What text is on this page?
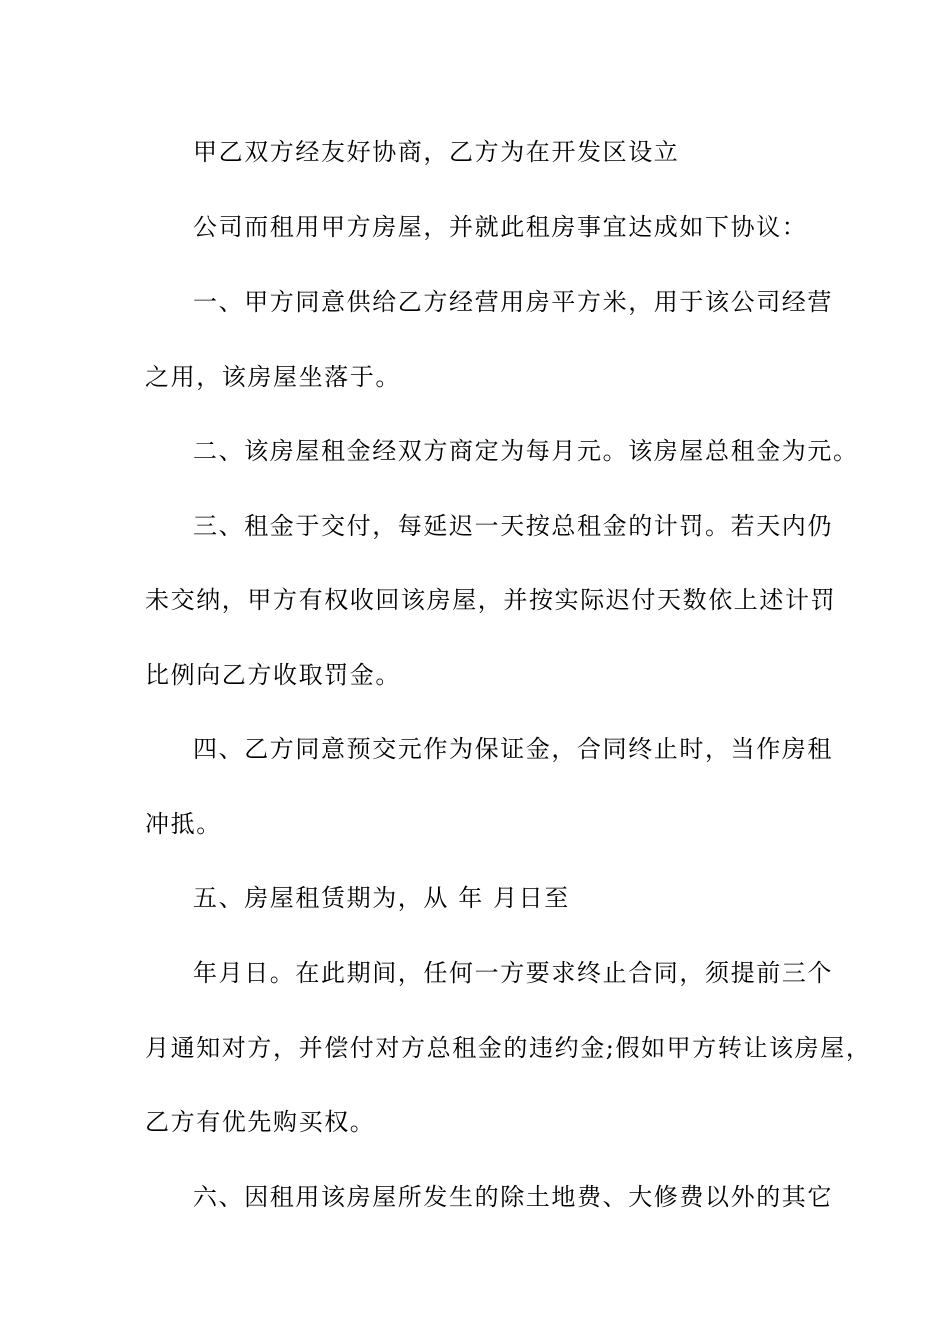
甲乙双方经友好协商，乙方为在开发区设立
公司而租用甲方房屋，并就此租房事宜达成如下协议：
一、甲方同意供给乙方经营用房平方米，用于该公司经营
之用，该房屋坐落于。
二、该房屋租金经双方商定为每月元。该房屋总租金为元。
三、租金于交付，每延迟一天按总租金的计罚。若天内仍
未交纳，甲方有权收回该房屋，并按实际迟付天数依上述计罚
比例向乙方收取罚金。
四、乙方同意预交元作为保证金，合同终止时，当作房租
冲抵。
五、房屋租赁期为，从 年 月日至
年月日。在此期间，任何一方要求终止合同，须提前三个
月通知对方，并偿付对方总租金的违约金;假如甲方转让该房屋，
乙方有优先购买权。
六、因租用该房屋所发生的除土地费、大修费以外的其它
